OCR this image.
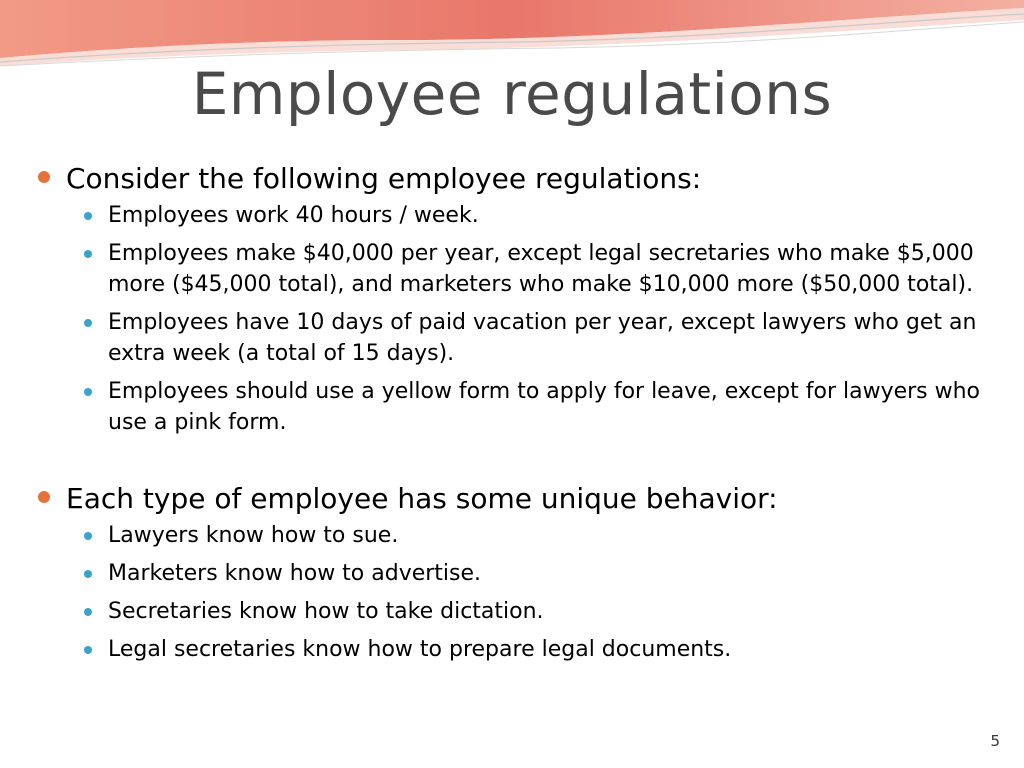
Employee regulations
Consider the following employee regulations:
Employees work 40 hours / week.
Employees make $40,000 per year, except legal secretaries who make $5,000 more ($45,000 total), and marketers who make $10,000 more ($50,000 total).
Employees have 10 days of paid vacation per year, except lawyers who get an extra week (a total of 15 days).
Employees should use a yellow form to apply for leave, except for lawyers who use a pink form.
Each type of employee has some unique behavior:
Lawyers know how to sue.
Marketers know how to advertise.
Secretaries know how to take dictation.
Legal secretaries know how to prepare legal documents.
5
